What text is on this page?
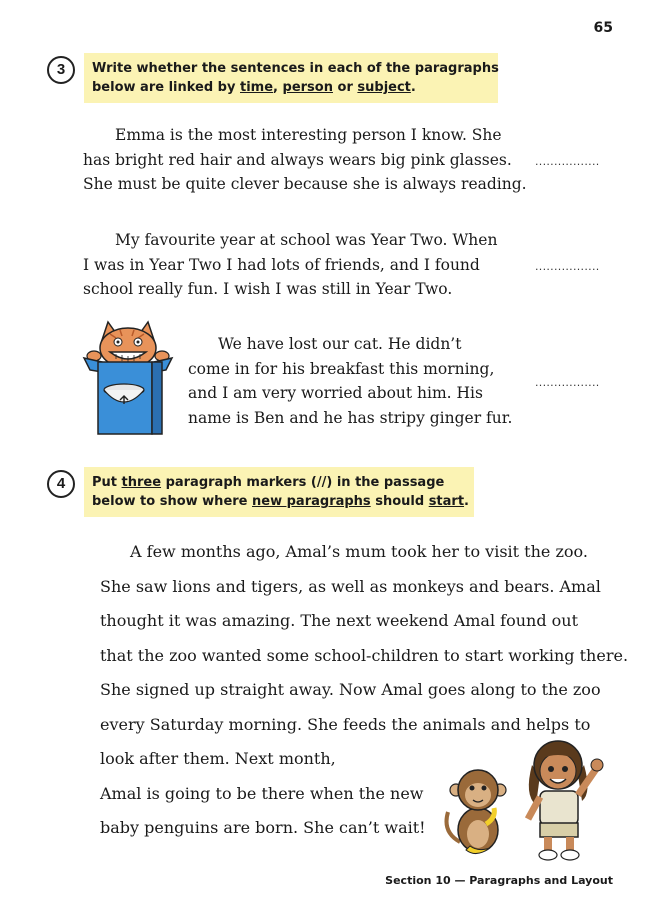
65
3	Write whether the sentences in each of the paragraphs
below are linked by time, person or subject.
Emma is the most interesting person I know. She
has bright red hair and always wears big pink glasses.
She must be quite clever because she is always reading.
.................
My favourite year at school was Year Two. When
I was in Year Two I had lots of friends, and I found
school really fun. I wish I was still in Year Two.
.................
We have lost our cat. He didn’t
come in for his breakfast this morning,
and I am very worried about him. His
name is Ben and he has stripy ginger fur.
.................
4	Put three paragraph markers (//) in the passage
below to show where new paragraphs should start.
A few months ago, Amal’s mum took her to visit the zoo.
She saw lions and tigers, as well as monkeys and bears. Amal
thought it was amazing. The next weekend Amal found out
that the zoo wanted some school-children to start working there.
She signed up straight away. Now Amal goes along to the zoo
every Saturday morning. She feeds the animals and helps to
look after them. Next month,
Amal is going to be there when the new
baby penguins are born. She can’t wait!
Section 10 — Paragraphs and Layout
